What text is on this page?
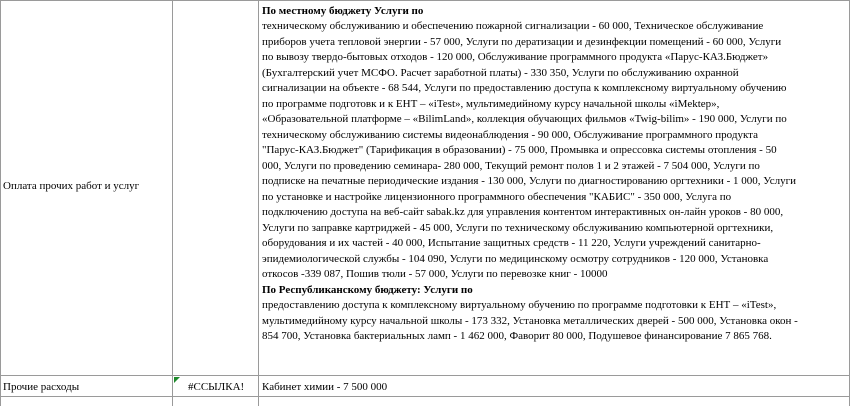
Оплата прочих работ и услуг
По местному бюджету Услуги по
техническому обслуживанию и обеспечению пожарной сигнализации - 60 000, Техническое обслуживание
приборов учета тепловой энергии - 57 000, Услуги по дератизации и дезинфекции помещений - 60 000, Услуги
по вывозу твердо-бытовых отходов - 120 000, Обслуживание программного продукта «Парус-КАЗ.Бюджет»
(Бухгалтерский учет МСФО. Расчет заработной платы) - 330 350, Услуги по обслуживанию охранной
сигнализации на объекте - 68 544, Услуги по предоставлению доступа к комплексному виртуальному обучению
по программе подготовк и к ЕНТ – «iTest», мультимедийному курсу начальной школы «iMektep»,
«Образовательной платформе – «BilimLand», коллекция обучающих фильмов «Twig-bilim» - 190 000, Услуги по
техническому обслуживанию системы видеонаблюдения - 90 000, Обслуживание программного продукта
"Парус-КАЗ.Бюджет" (Тарификация в образовании) - 75 000, Промывка и опрессовка системы отопления - 50
000, Услуги по проведению семинара- 280 000, Текущий ремонт полов 1 и 2 этажей - 7 504 000, Услуги по
подписке на печатные периодические издания - 130 000, Услуги по диагностированию оргтехники - 1 000, Услуги
по установке и настройке лицензионного программного обеспечения "КАБИС" - 350 000, Услуга по
подключению доступа на веб-сайт sabak.kz для управления контентом интерактивных он-лайн уроков - 80 000,
Услуги по заправке картриджей - 45 000, Услуги по техническому обслуживанию компьютерной оргтехники,
оборудования и их частей - 40 000, Испытание защитных средств - 11 220, Услуги учреждений санитарно-
эпидемиологической службы - 104 090, Услуги по медицинскому осмотру сотрудников - 120 000, Установка
откосов -339 087, Пошив тюли - 57 000, Услуги по перевозке книг - 10000
По Республиканскому бюджету: Услуги по
предоставлению доступа к комплексному виртуальному обучению по программе подготовки к ЕНТ – «iTest»,
мультимедийному курсу начальной школы - 173 332, Установка металлических дверей - 500 000, Установка окон -
854 700, Установка бактериальных ламп - 1 462 000, Фаворит 80 000, Подушевое финансирование 7 865 768.
Прочие расходы	#ССЫЛКА! Кабинет химии - 7 500 000
